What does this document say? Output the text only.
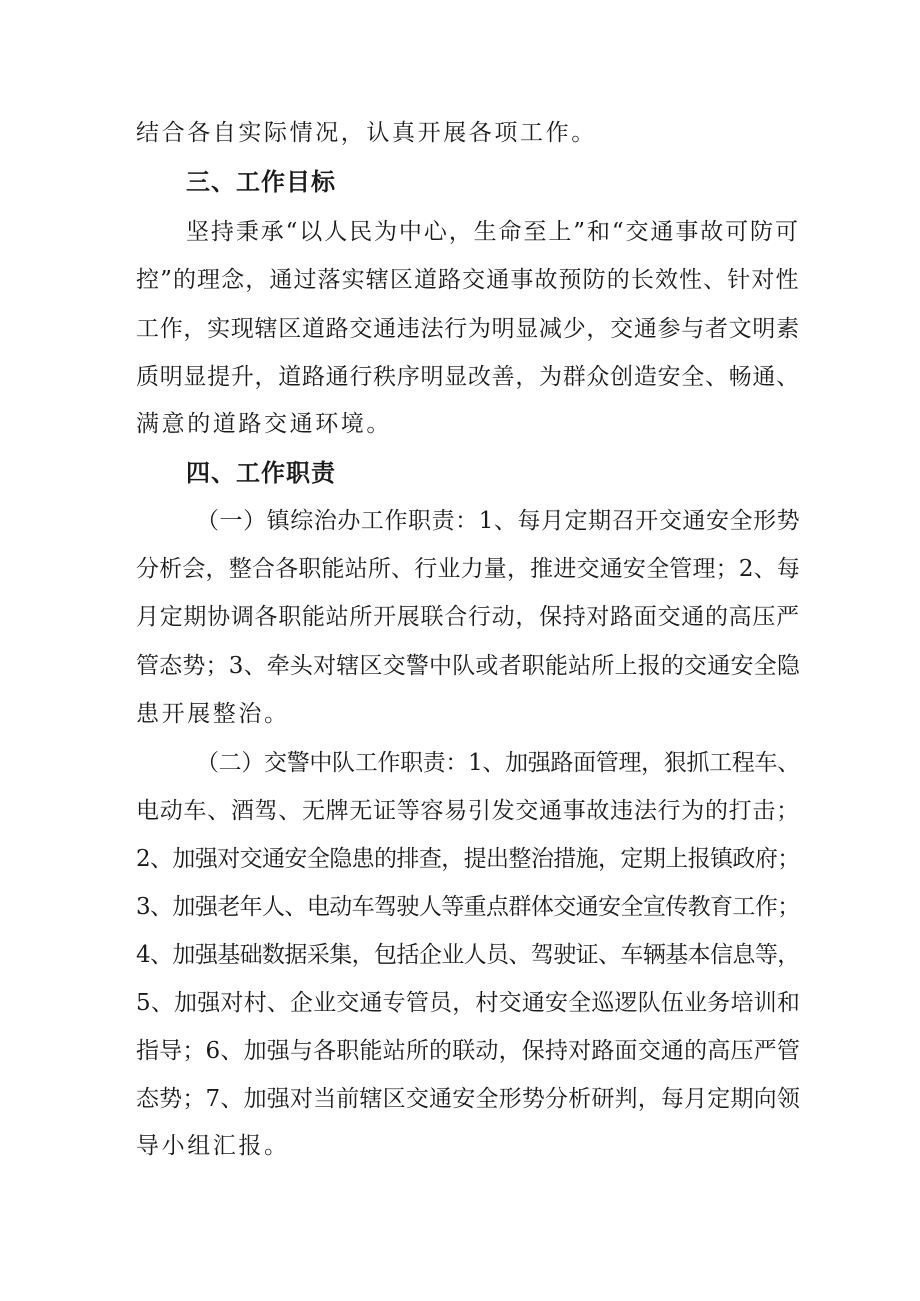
结合各自实际情况，认真开展各项工作。
三、工作目标
坚持秉承“以人民为中心，生命至上”和“交通事故可防可
控”的理念，通过落实辖区道路交通事故预防的长效性、针对性
工作，实现辖区道路交通违法行为明显减少，交通参与者文明素
质明显提升，道路通行秩序明显改善，为群众创造安全、畅通、
满意的道路交通环境。
四、工作职责
（一）镇综治办工作职责：1、每月定期召开交通安全形势
分析会，整合各职能站所、行业力量，推进交通安全管理；2、每
月定期协调各职能站所开展联合行动，保持对路面交通的高压严
管态势；3、牵头对辖区交警中队或者职能站所上报的交通安全隐
患开展整治。
（二）交警中队工作职责：1、加强路面管理，狠抓工程车、
电动车、酒驾、无牌无证等容易引发交通事故违法行为的打击；
2、加强对交通安全隐患的排查，提出整治措施，定期上报镇政府；
3、加强老年人、电动车驾驶人等重点群体交通安全宣传教育工作；
4、加强基础数据采集，包括企业人员、驾驶证、车辆基本信息等，
5、加强对村、企业交通专管员，村交通安全巡逻队伍业务培训和
指导；6、加强与各职能站所的联动，保持对路面交通的高压严管
态势；7、加强对当前辖区交通安全形势分析研判，每月定期向领
导小组汇报。
